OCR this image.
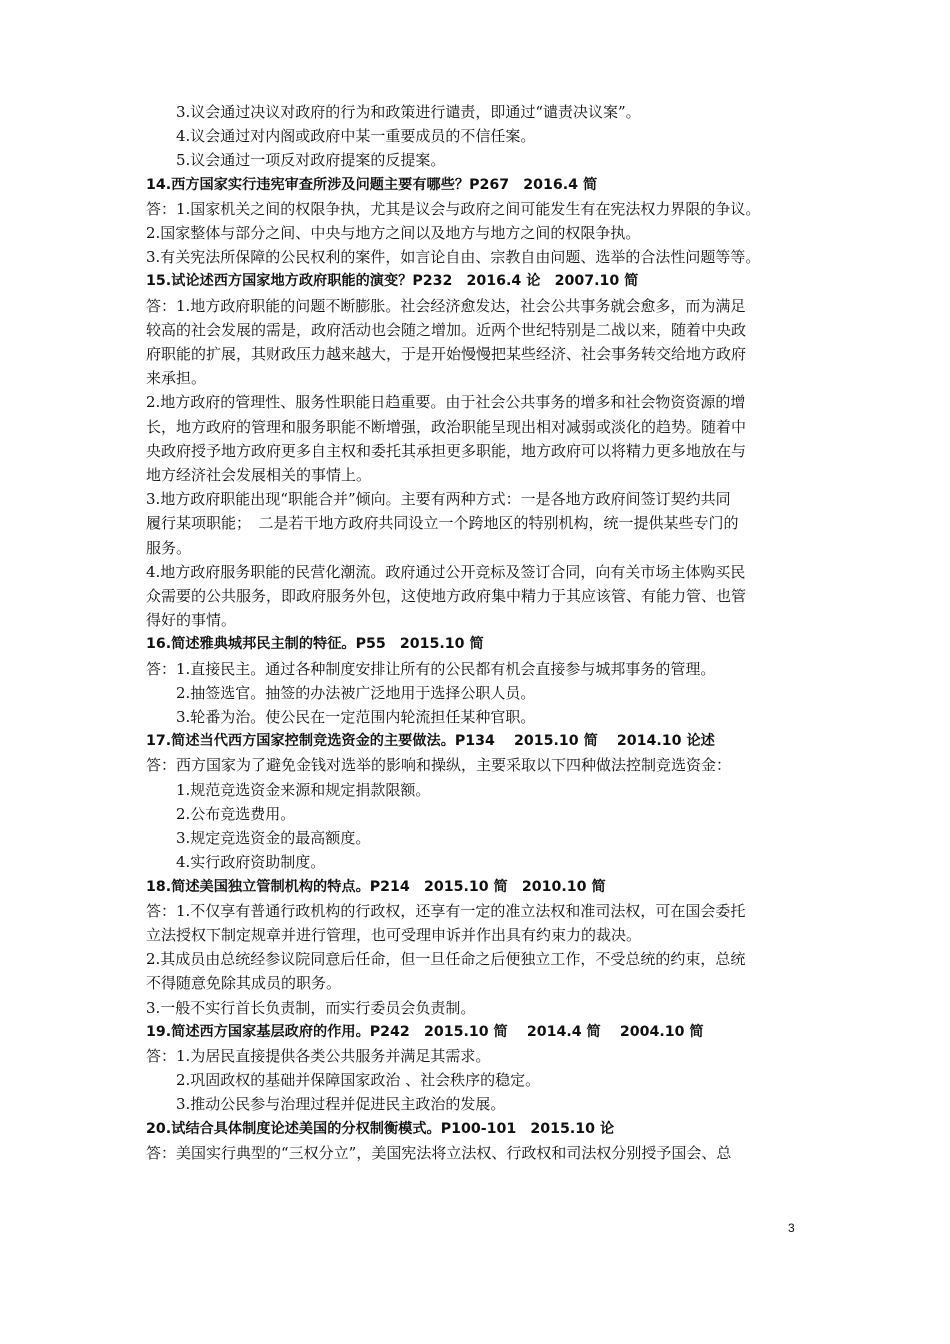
3.议会通过决议对政府的行为和政策进行谴责，即通过“谴责决议案”。
4.议会通过对内阁或政府中某一重要成员的不信任案。
5.议会通过一项反对政府提案的反提案。
14.西方国家实行违宪审查所涉及问题主要有哪些？P267　2016.4 简
答：1.国家机关之间的权限争执，尤其是议会与政府之间可能发生有在宪法权力界限的争议。
2.国家整体与部分之间、中央与地方之间以及地方与地方之间的权限争执。
3.有关宪法所保障的公民权利的案件，如言论自由、宗教自由问题、选举的合法性问题等等。
15.试论述西方国家地方政府职能的演变？P232　2016.4 论　2007.10 简
答：1.地方政府职能的问题不断膨胀。社会经济愈发达，社会公共事务就会愈多，而为满足
较高的社会发展的需是，政府活动也会随之增加。近两个世纪特别是二战以来，随着中央政
府职能的扩展，其财政压力越来越大，于是开始慢慢把某些经济、社会事务转交给地方政府
来承担。
2.地方政府的管理性、服务性职能日趋重要。由于社会公共事务的增多和社会物资资源的增
长，地方政府的管理和服务职能不断增强，政治职能呈现出相对减弱或淡化的趋势。随着中
央政府授予地方政府更多自主权和委托其承担更多职能，地方政府可以将精力更多地放在与
地方经济社会发展相关的事情上。
3.地方政府职能出现“职能合并”倾向。主要有两种方式：一是各地方政府间签订契约共同
履行某项职能；　二是若干地方政府共同设立一个跨地区的特别机构，统一提供某些专门的
服务。
4.地方政府服务职能的民营化潮流。政府通过公开竞标及签订合同，向有关市场主体购买民
众需要的公共服务，即政府服务外包，这使地方政府集中精力于其应该管、有能力管、也管
得好的事情。
16.简述雅典城邦民主制的特征。P55　2015.10 简
答：1.直接民主。通过各种制度安排让所有的公民都有机会直接参与城邦事务的管理。
2.抽签选官。抽签的办法被广泛地用于选择公职人员。
3.轮番为治。使公民在一定范围内轮流担任某种官职。
17.简述当代西方国家控制竞选资金的主要做法。P134　 2015.10 简　 2014.10 论述
答：西方国家为了避免金钱对选举的影响和操纵，主要采取以下四种做法控制竞选资金：
1.规范竞选资金来源和规定捐款限额。
2.公布竞选费用。
3.规定竞选资金的最高额度。
4.实行政府资助制度。
18.简述美国独立管制机构的特点。P214　2015.10 简　2010.10 简
答：1.不仅享有普通行政机构的行政权，还享有一定的准立法权和准司法权，可在国会委托
立法授权下制定规章并进行管理，也可受理申诉并作出具有约束力的裁决。
2.其成员由总统经参议院同意后任命，但一旦任命之后便独立工作，不受总统的约束，总统
不得随意免除其成员的职务。
3.一般不实行首长负责制，而实行委员会负责制。
19.简述西方国家基层政府的作用。P242　2015.10 简　 2014.4 简　 2004.10 简
答：1.为居民直接提供各类公共服务并满足其需求。
2.巩固政权的基础并保障国家政治 、社会秩序的稳定。
3.推动公民参与治理过程并促进民主政治的发展。
20.试结合具体制度论述美国的分权制衡模式。P100-101　2015.10 论
答：美国实行典型的“三权分立”，美国宪法将立法权、行政权和司法权分别授予国会、总
3
